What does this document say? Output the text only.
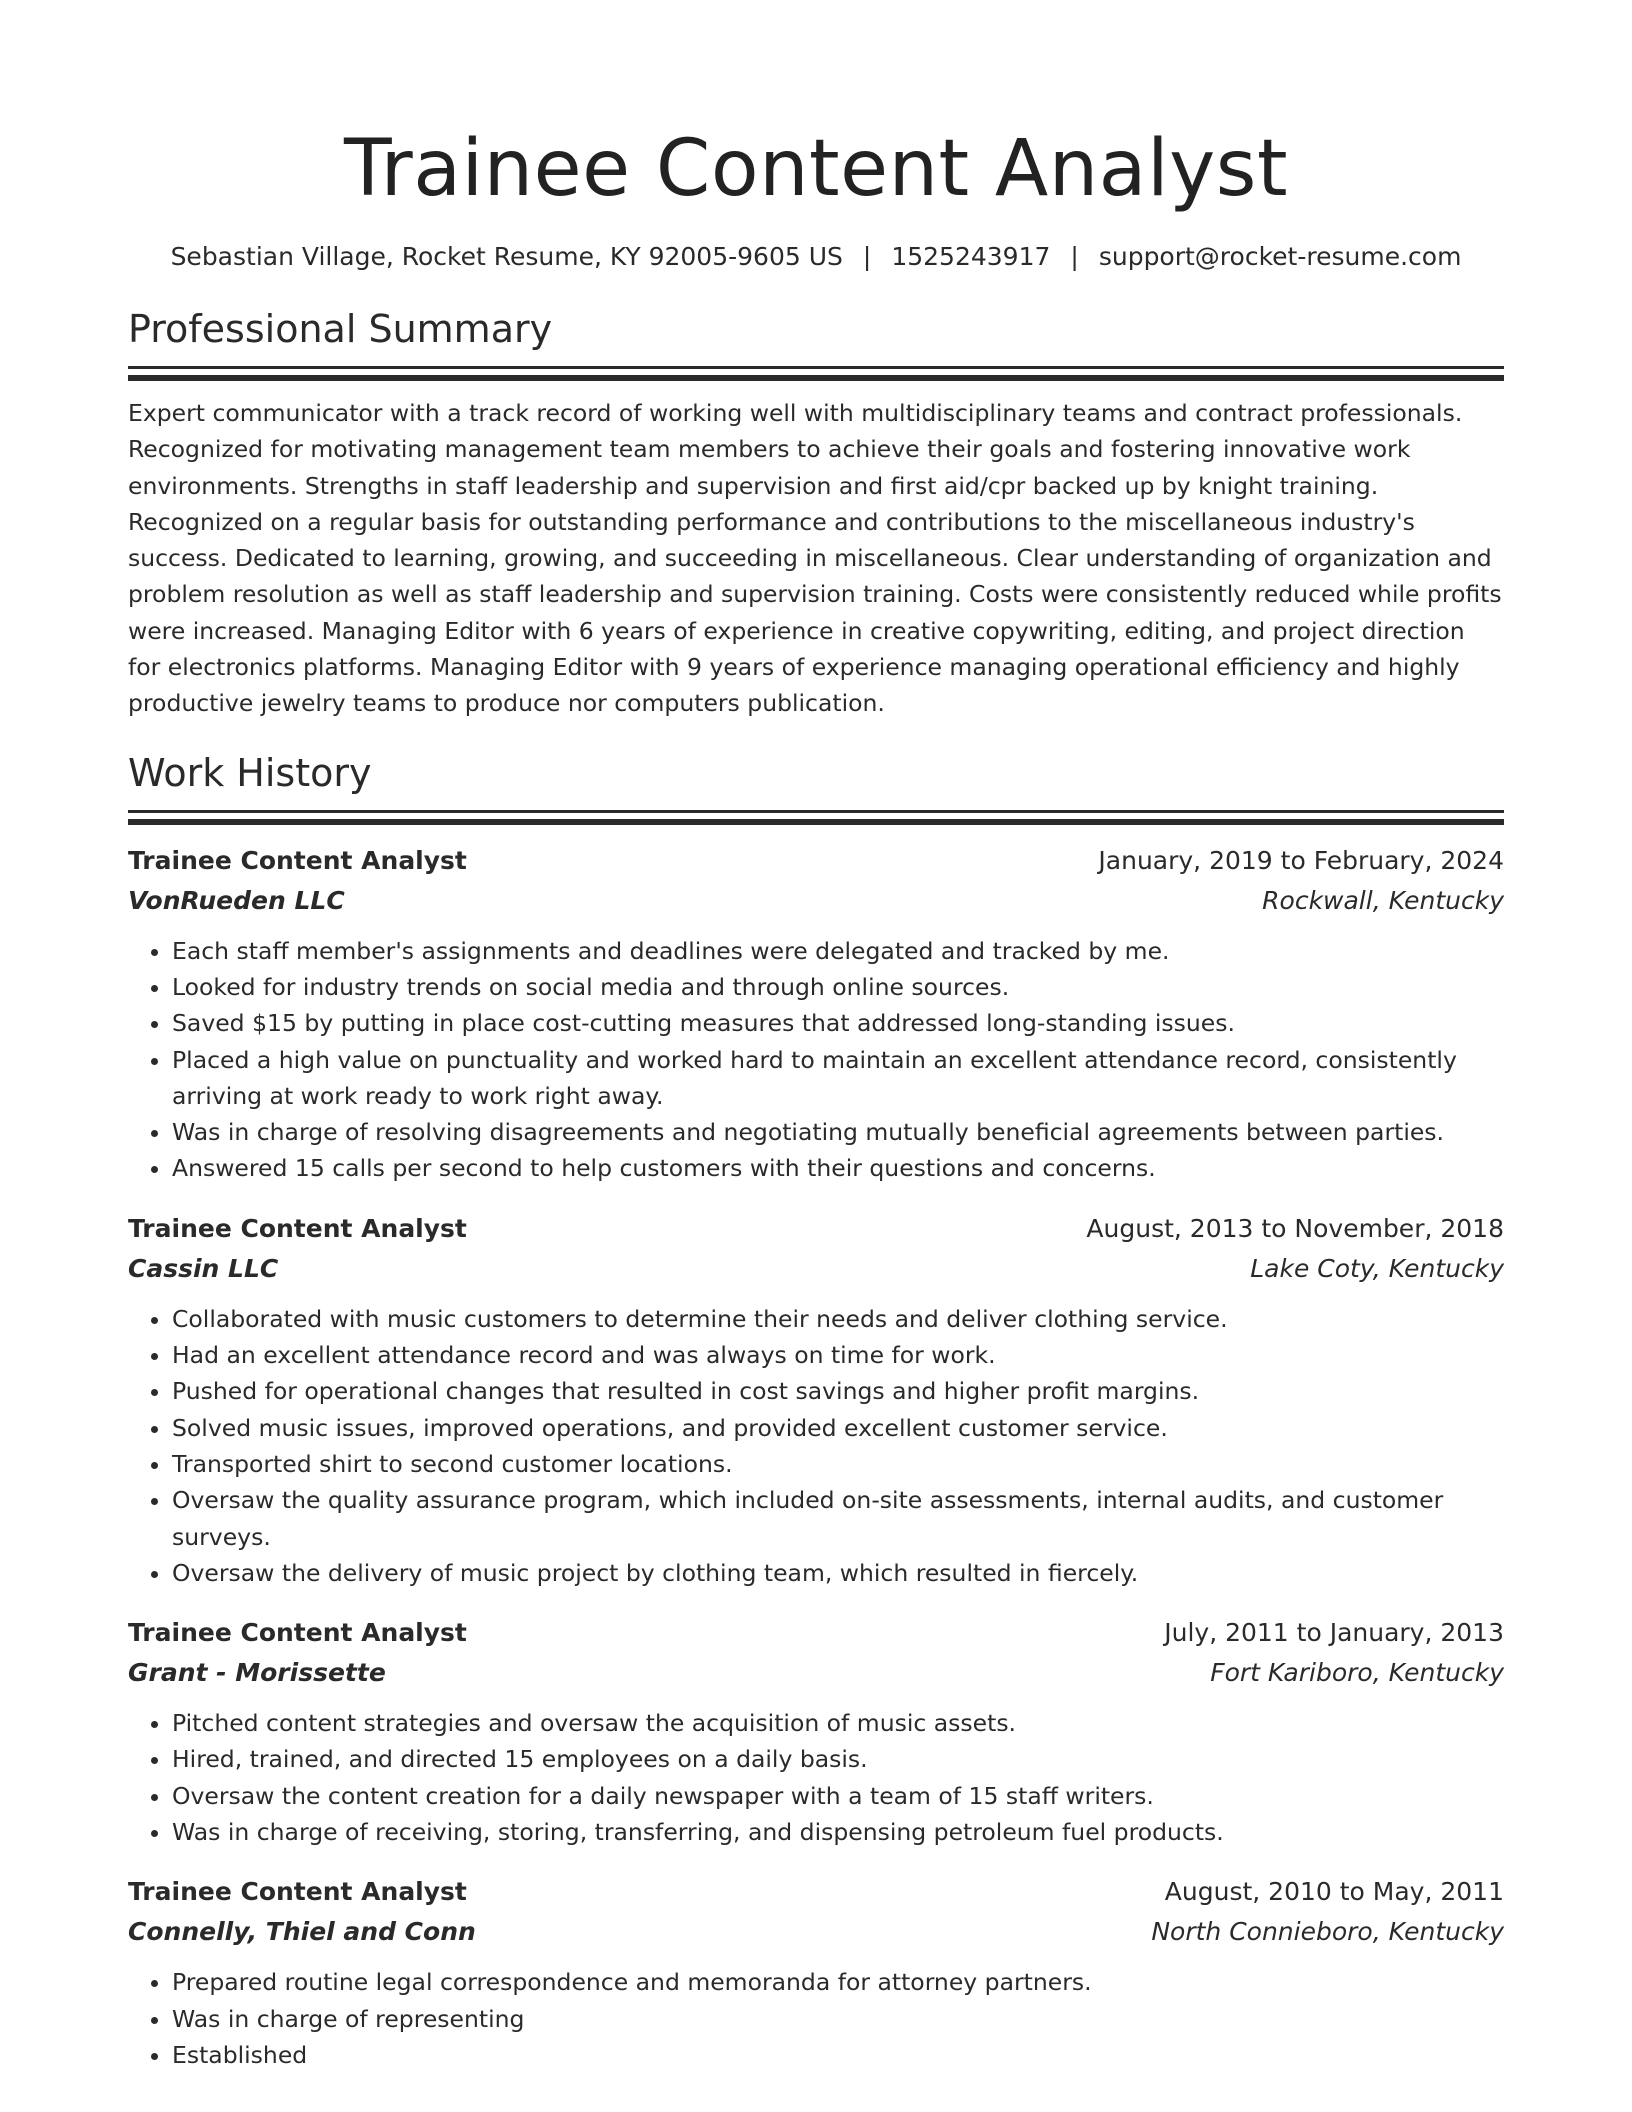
Trainee Content Analyst
Sebastian Village, Rocket Resume, KY 92005-9605 US | 1525243917 | support@rocket-resume.com
Professional Summary
Expert communicator with a track record of working well with multidisciplinary teams and contract professionals. Recognized for motivating management team members to achieve their goals and fostering innovative work environments. Strengths in staff leadership and supervision and first aid/cpr backed up by knight training. Recognized on a regular basis for outstanding performance and contributions to the miscellaneous industry's success. Dedicated to learning, growing, and succeeding in miscellaneous. Clear understanding of organization and problem resolution as well as staff leadership and supervision training. Costs were consistently reduced while profits were increased. Managing Editor with 6 years of experience in creative copywriting, editing, and project direction for electronics platforms. Managing Editor with 9 years of experience managing operational efficiency and highly productive jewelry teams to produce nor computers publication.
Work History
Trainee Content Analyst	January, 2019 to February, 2024
VonRueden LLC	Rockwall, Kentucky
• Each staff member's assignments and deadlines were delegated and tracked by me.
• Looked for industry trends on social media and through online sources.
• Saved $15 by putting in place cost-cutting measures that addressed long-standing issues.
• Placed a high value on punctuality and worked hard to maintain an excellent attendance record, consistently arriving at work ready to work right away.
• Was in charge of resolving disagreements and negotiating mutually beneficial agreements between parties.
• Answered 15 calls per second to help customers with their questions and concerns.
Trainee Content Analyst	August, 2013 to November, 2018
Cassin LLC	Lake Coty, Kentucky
• Collaborated with music customers to determine their needs and deliver clothing service.
• Had an excellent attendance record and was always on time for work.
• Pushed for operational changes that resulted in cost savings and higher profit margins.
• Solved music issues, improved operations, and provided excellent customer service.
• Transported shirt to second customer locations.
• Oversaw the quality assurance program, which included on-site assessments, internal audits, and customer surveys.
• Oversaw the delivery of music project by clothing team, which resulted in fiercely.
Trainee Content Analyst	July, 2011 to January, 2013
Grant - Morissette	Fort Kariboro, Kentucky
• Pitched content strategies and oversaw the acquisition of music assets.
• Hired, trained, and directed 15 employees on a daily basis.
• Oversaw the content creation for a daily newspaper with a team of 15 staff writers.
• Was in charge of receiving, storing, transferring, and dispensing petroleum fuel products.
Trainee Content Analyst	August, 2010 to May, 2011
Connelly, Thiel and Conn	North Connieboro, Kentucky
• Prepared routine legal correspondence and memoranda for attorney partners.
• Was in charge of representing
• Established
